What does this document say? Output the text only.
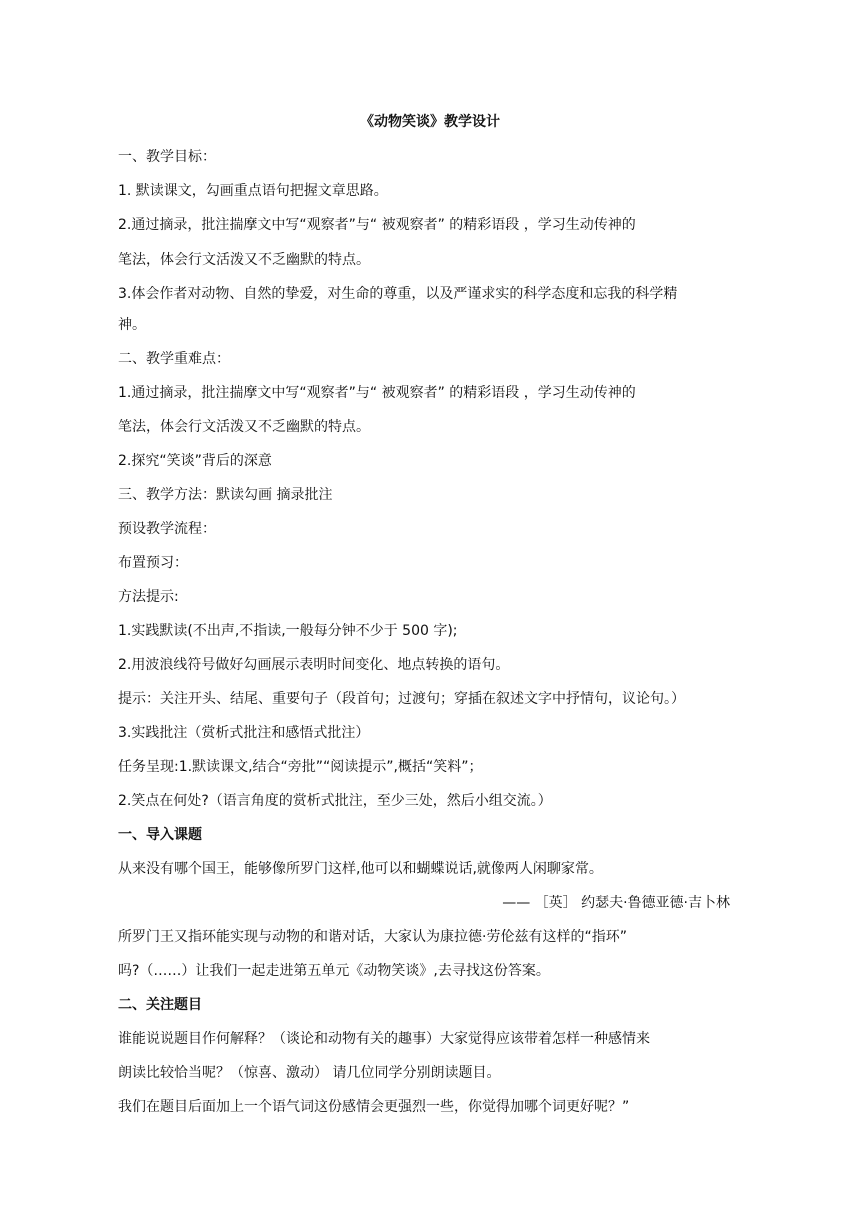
《动物笑谈》教学设计
一、教学目标：
1. 默读课文，勾画重点语句把握文章思路。
2.通过摘录，批注揣摩文中写“观察者”与“ 被观察者” 的精彩语段 ，学习生动传神的
笔法，体会行文活泼又不乏幽默的特点。
3.体会作者对动物、自然的挚爱，对生命的尊重，以及严谨求实的科学态度和忘我的科学精
神。
二、教学重难点：
1.通过摘录，批注揣摩文中写“观察者”与“ 被观察者” 的精彩语段 ，学习生动传神的
笔法，体会行文活泼又不乏幽默的特点。
2.探究“笑谈”背后的深意
三、教学方法：默读勾画 摘录批注
预设教学流程：
布置预习：
方法提示:
1.实践默读(不出声,不指读,一般每分钟不少于 500 字);
2.用波浪线符号做好勾画展示表明时间变化、地点转换的语句。
提示：关注开头、结尾、重要句子（段首句；过渡句；穿插在叙述文字中抒情句，议论句。）
3.实践批注（赏析式批注和感悟式批注）
任务呈现:1.默读课文,结合“旁批”“阅读提示”,概括“笑料”；
2.笑点在何处?（语言角度的赏析式批注，至少三处，然后小组交流。）
一、导入课题
从来没有哪个国王，能够像所罗门这样,他可以和蝴蝶说话,就像两人闲聊家常。
—— ［英］ 约瑟夫·鲁德亚德·吉卜林
所罗门王又指环能实现与动物的和谐对话，大家认为康拉德·劳伦兹有这样的“指环”
吗?（……）让我们一起走进第五单元《动物笑谈》,去寻找这份答案。
二、关注题目
谁能说说题目作何解释？（谈论和动物有关的趣事）大家觉得应该带着怎样一种感情来
朗读比较恰当呢？（惊喜、激动） 请几位同学分别朗读题目。
我们在题目后面加上一个语气词这份感情会更强烈一些，你觉得加哪个词更好呢？”
